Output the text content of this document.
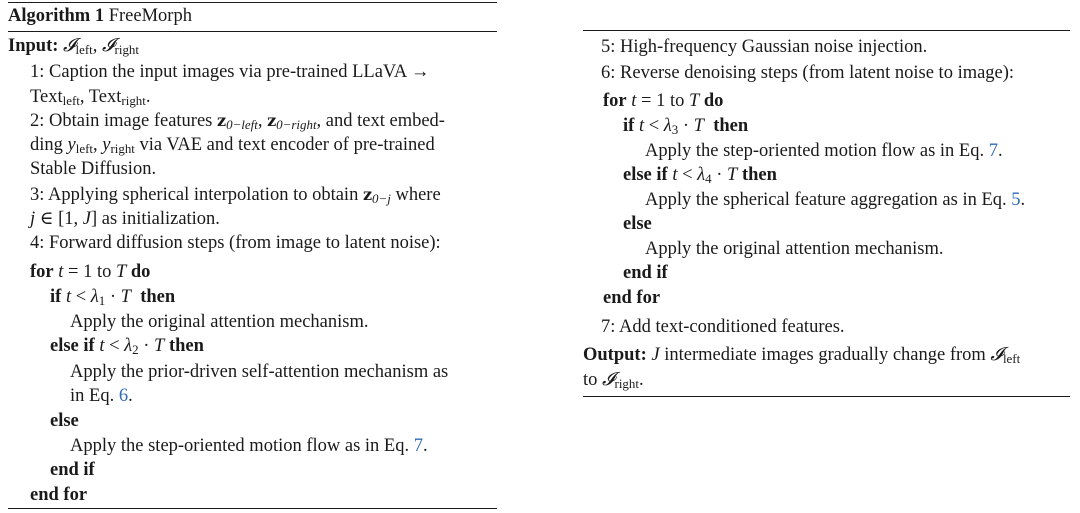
Algorithm 1 FreeMorph
Input: 𝓘left, 𝓘right
1: Caption the input images via pre-trained LLaVA →
Textleft, Textright.
2: Obtain image features z0−left, z0−right, and text embed-
ding yleft, yright via VAE and text encoder of pre-trained
Stable Diffusion.
3: Applying spherical interpolation to obtain z0−j where
j ∈ [1, J] as initialization.
4: Forward diffusion steps (from image to latent noise):
for t = 1 to T do
if t < λ1 · T then
Apply the original attention mechanism.
else if t < λ2 · T then
Apply the prior-driven self-attention mechanism as
in Eq. 6.
else
Apply the step-oriented motion flow as in Eq. 7.
end if
end for
5: High-frequency Gaussian noise injection.
6: Reverse denoising steps (from latent noise to image):
for t = 1 to T do
if t < λ3 · T then
Apply the step-oriented motion flow as in Eq. 7.
else if t < λ4 · T then
Apply the spherical feature aggregation as in Eq. 5.
else
Apply the original attention mechanism.
end if
end for
7: Add text-conditioned features.
Output: J intermediate images gradually change from 𝓘left
to 𝓘right.
